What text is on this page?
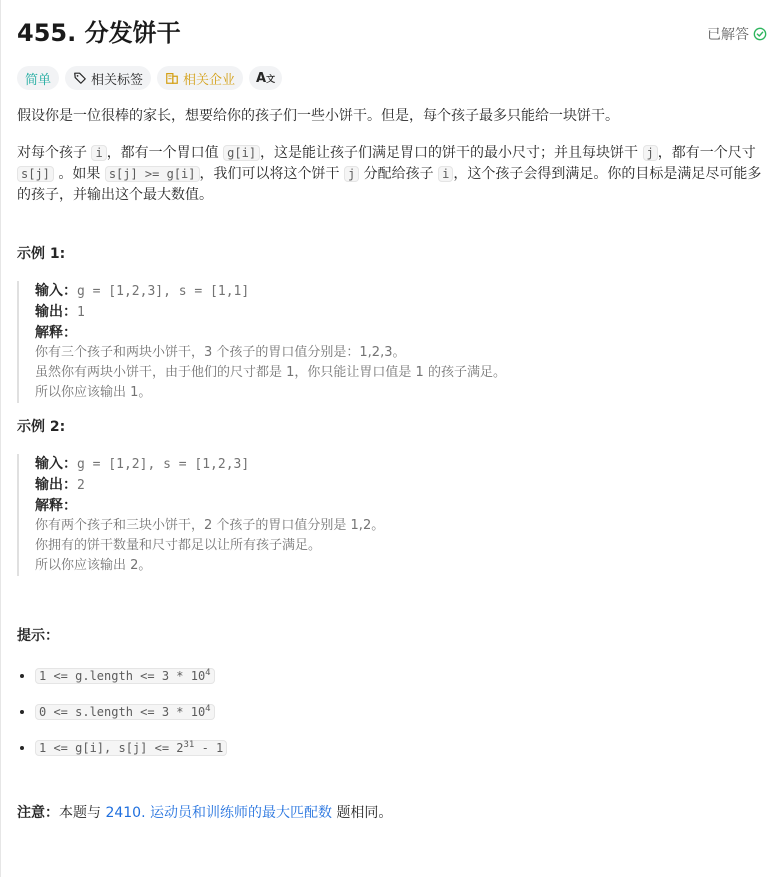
455. 分发饼干	已解答
简单	相关标签	相关企业 A 文

假设你是一位很棒的家长，想要给你的孩子们一些小饼干。但是，每个孩子最多只能给一块饼干。

对每个孩子 i ，都有一个胃口值 g[i] ，这是能让孩子们满足胃口的饼干的最小尺寸；并且每块饼干 j ，都有一个尺寸 s[j] 。如果 s[j] >= g[i] ，我们可以将这个饼干 j 分配给孩子 i ，这个孩子会得到满足。你的目标是满足尽可能多的孩子，并输出这个最大数值。

示例 1:

输入：g = [1,2,3], s = [1,1]
输出：1
解释：
你有三个孩子和两块小饼干，3 个孩子的胃口值分别是：1,2,3。
虽然你有两块小饼干，由于他们的尺寸都是 1，你只能让胃口值是 1 的孩子满足。
所以你应该输出 1。

示例 2:

输入：g = [1,2], s = [1,2,3]
输出：2
解释：
你有两个孩子和三块小饼干，2 个孩子的胃口值分别是 1,2。
你拥有的饼干数量和尺寸都足以让所有孩子满足。
所以你应该输出 2。

提示：

• 1 <= g.length <= $3 * 10^4$
• 0 <= s.length <= $3 * 10^4$
• 1 <= g[i], $s[j] <= 2^{31} - 1$

注意：本题与 2410. 运动员和训练师的最大匹配数 题相同。
